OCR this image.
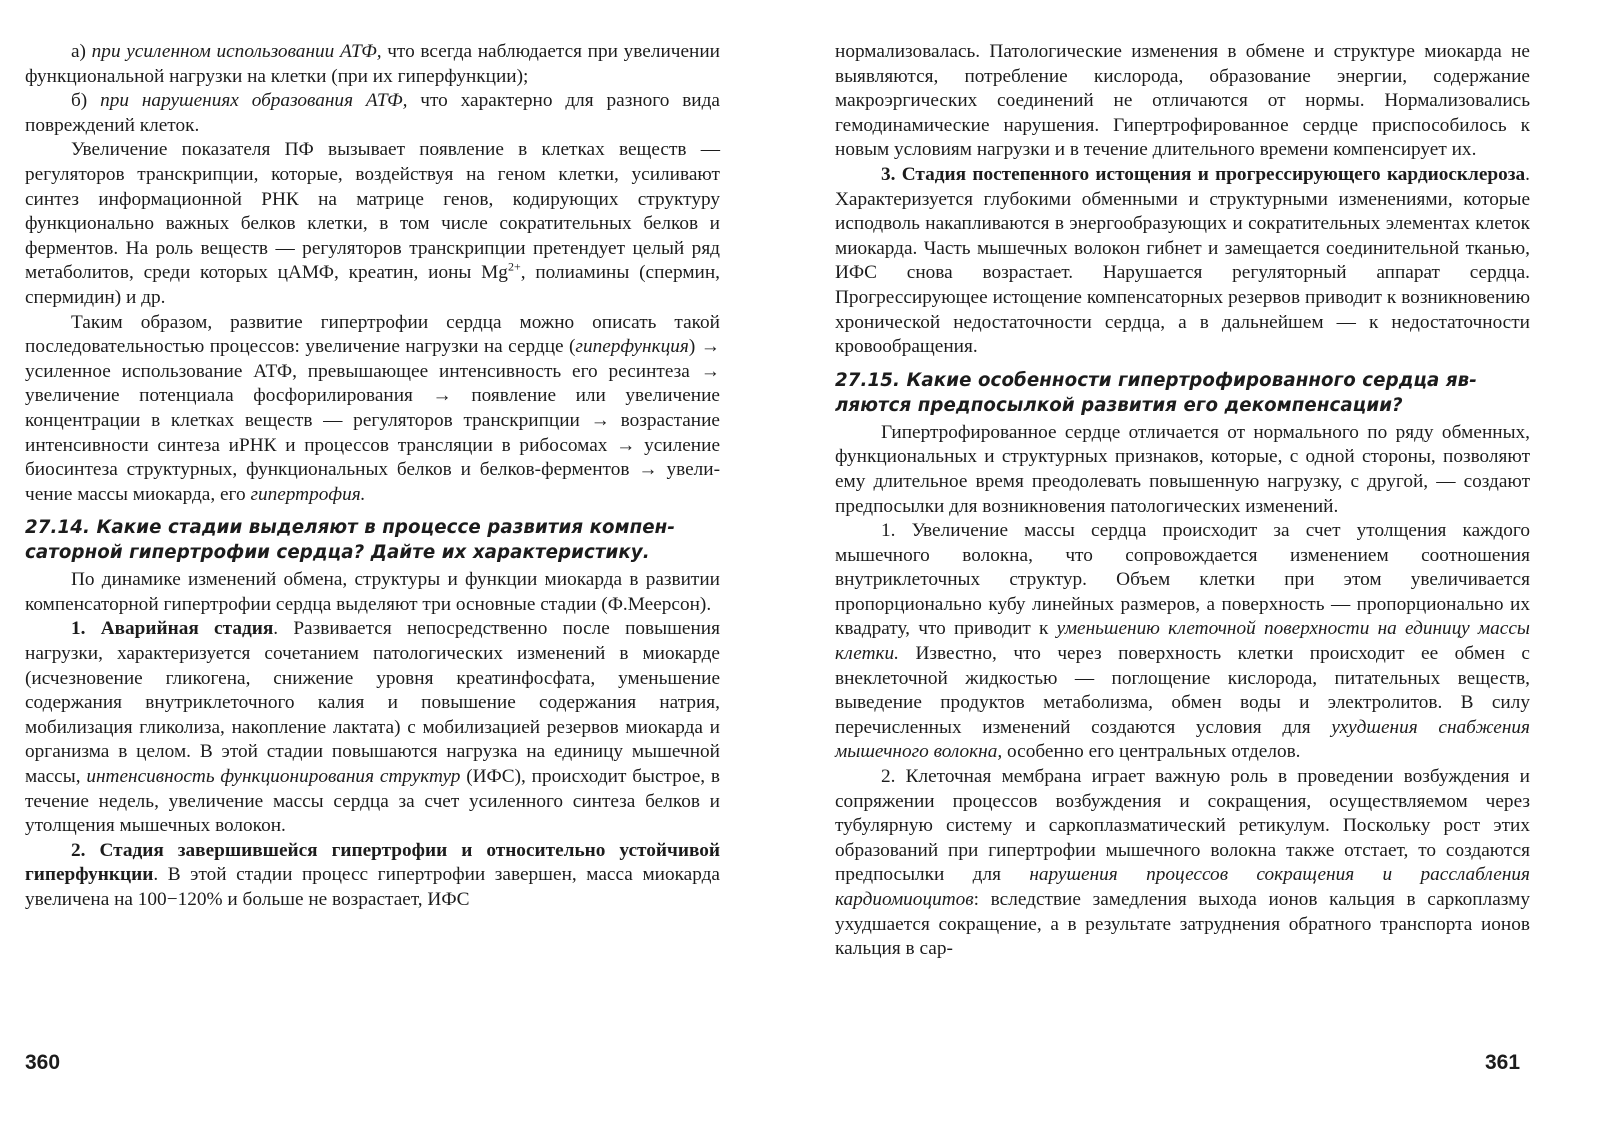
а) при усиленном использовании АТФ, что всегда наблюдается при увеличении функциональной нагрузки на клетки (при их гиперфункции);

б) при нарушениях образования АТФ, что характерно для разного вида повреждений клеток.

Увеличение показателя ПФ вызывает появление в клетках веществ — регуляторов транскрипции, которые, воздействуя на геном клетки, усиливают синтез информационной РНК на матрице генов, кодирующих структуру функционально важных белков клетки, в том числе сократительных белков и ферментов. На роль веществ — регуляторов транскрипции претендует целый ряд метаболитов, среди которых цАМФ, креатин, ионы $Mg^{2+}$, полиамины (спермин, спермидин) и др.

Таким образом, развитие гипертрофии сердца можно описать такой последовательностью процессов: увеличение нагрузки на сердце (гиперфункция) → усиленное использование АТФ, превышающее интенсивность его ресинтеза → увеличение потенциала фосфорилирования → появление или увеличение концентрации в клетках веществ — регуляторов транскрипции → возрастание интенсивности синтеза иРНК и процессов трансляции в рибосомах → усиление биосинтеза структурных, функциональных белков и белков-ферментов → увеличение массы миокарда, его гипертрофия.

27.14. Какие стадии выделяют в процессе развития компенсаторной гипертрофии сердца? Дайте их характеристику.

По динамике изменений обмена, структуры и функции миокарда в развитии компенсаторной гипертрофии сердца выделяют три основные стадии (Ф.Меерсон).

1. Аварийная стадия. Развивается непосредственно после повышения нагрузки, характеризуется сочетанием патологических изменений в миокарде (исчезновение гликогена, снижение уровня креатинфосфата, уменьшение содержания внутриклеточного калия и повышение содержания натрия, мобилизация гликолиза, накопление лактата) с мобилизацией резервов миокарда и организма в целом. В этой стадии повышаются нагрузка на единицу мышечной массы, интенсивность функционирования структур (ИФС), происходит быстрое, в течение недель, увеличение массы сердца за счет усиленного синтеза белков и утолщения мышечных волокон.

2. Стадия завершившейся гипертрофии и относительно устойчивой гиперфункции. В этой стадии процесс гипертрофии завершен, масса миокарда увеличена на 100−120% и больше не возрастает, ИФС

360

нормализовалась. Патологические изменения в обмене и структуре миокарда не выявляются, потребление кислорода, образование энергии, содержание макроэргических соединений не отличаются от нормы. Нормализовались гемодинамические нарушения. Гипертрофированное сердце приспособилось к новым условиям нагрузки и в течение длительного времени компенсирует их.

3. Стадия постепенного истощения и прогрессирующего кардиосклероза. Характеризуется глубокими обменными и структурными изменениями, которые исподволь накапливаются в энергообразующих и сократительных элементах клеток миокарда. Часть мышечных волокон гибнет и замещается соединительной тканью, ИФС снова возрастает. Нарушается регуляторный аппарат сердца. Прогрессирующее истощение компенсаторных резервов приводит к возникновению хронической недостаточности сердца, а в дальнейшем — к недостаточности кровообращения.

27.15. Какие особенности гипертрофированного сердца являются предпосылкой развития его декомпенсации?

Гипертрофированное сердце отличается от нормального по ряду обменных, функциональных и структурных признаков, которые, с одной стороны, позволяют ему длительное время преодолевать повышенную нагрузку, с другой, — создают предпосылки для возникновения патологических изменений.

1. Увеличение массы сердца происходит за счет утолщения каждого мышечного волокна, что сопровождается изменением соотношения внутриклеточных структур. Объем клетки при этом увеличивается пропорционально кубу линейных размеров, а поверхность — пропорционально их квадрату, что приводит к уменьшению клеточной поверхности на единицу массы клетки. Известно, что через поверхность клетки происходит ее обмен с внеклеточной жидкостью — поглощение кислорода, питательных веществ, выведение продуктов метаболизма, обмен воды и электролитов. В силу перечисленных изменений создаются условия для ухудшения снабжения мышечного волокна, особенно его центральных отделов.

2. Клеточная мембрана играет важную роль в проведении возбуждения и сопряжении процессов возбуждения и сокращения, осуществляемом через тубулярную систему и саркоплазматический ретикулум. Поскольку рост этих образований при гипертрофии мышечного волокна также отстает, то создаются предпосылки для нарушения процессов сокращения и расслабления кардиомиоцитов: вследствие замедления выхода ионов кальция в саркоплазму ухудшается сокращение, а в результате затруднения обратного транспорта ионов кальция в сар-

361
